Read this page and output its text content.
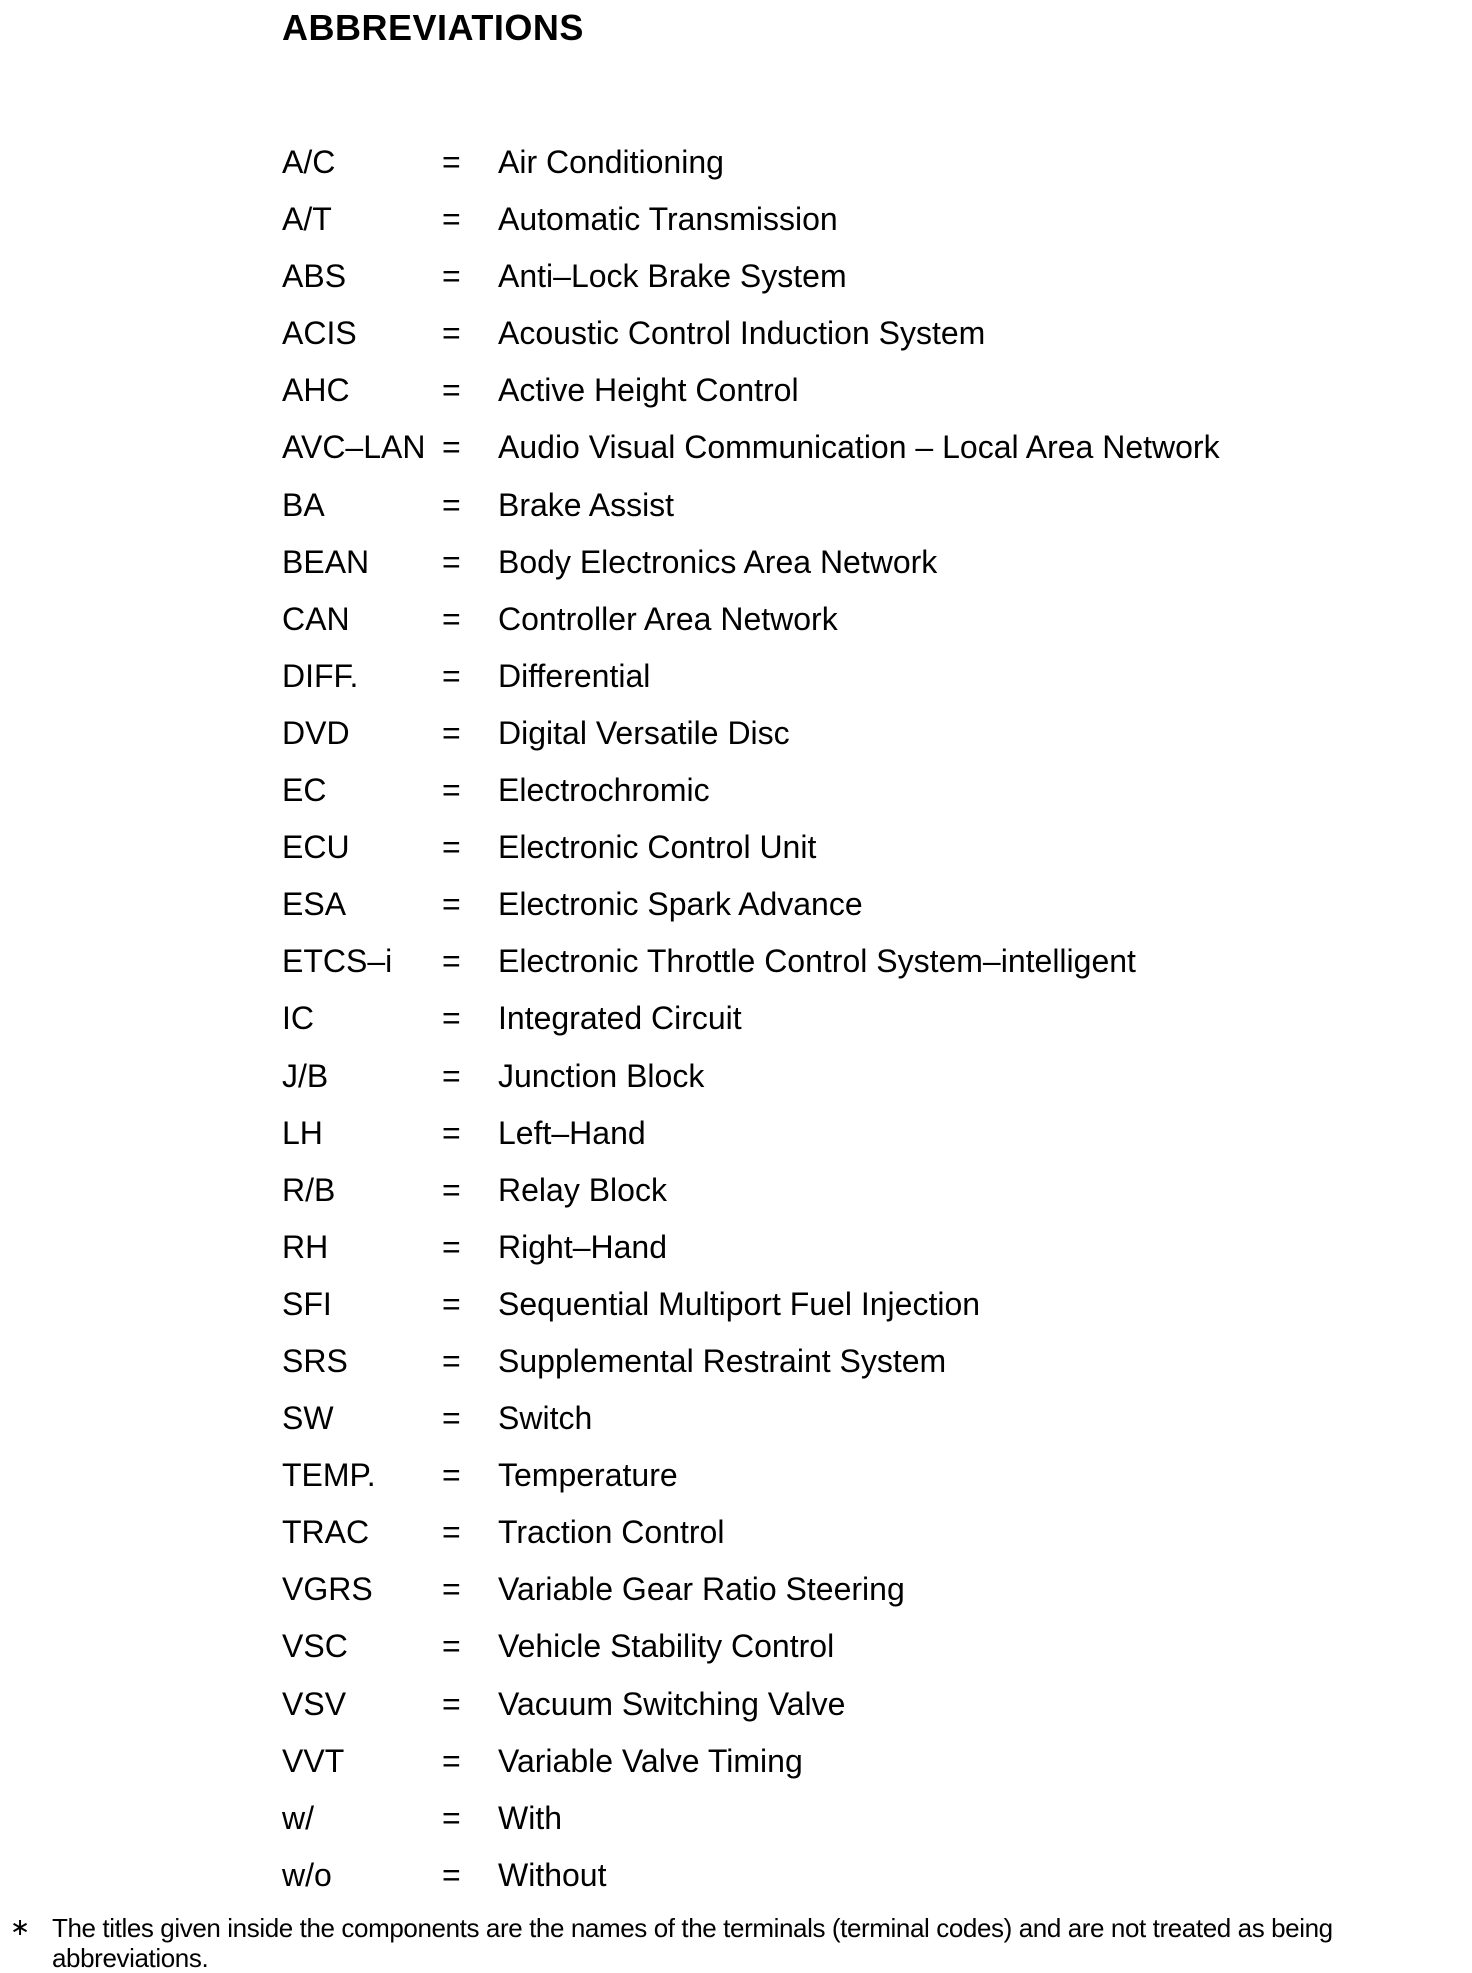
ABBREVIATIONS
A/C	= Air Conditioning
A/T	= Automatic Transmission
ABS	= Anti–Lock Brake System
ACIS	= Acoustic Control Induction System
AHC	= Active Height Control
AVC–LAN = Audio Visual Communication – Local Area Network
BA	= Brake Assist
BEAN = Body Electronics Area Network
CAN	= Controller Area Network
DIFF.	= Differential
DVD	= Digital Versatile Disc
EC	= Electrochromic
ECU	= Electronic Control Unit
ESA	= Electronic Spark Advance
ETCS–i = Electronic Throttle Control System–intelligent
IC	= Integrated Circuit
J/B	= Junction Block
LH	= Left–Hand
R/B	= Relay Block
RH	= Right–Hand
SFI	= Sequential Multiport Fuel Injection
SRS	= Supplemental Restraint System
SW	= Switch
TEMP. = Temperature
TRAC = Traction Control
VGRS = Variable Gear Ratio Steering
VSC	= Vehicle Stability Control
VSV	= Vacuum Switching Valve
VVT	= Variable Valve Timing
w/	= With
w/o	= Without
∗ The titles given inside the components are the names of the terminals (terminal codes) and are not treated as being abbreviations.
